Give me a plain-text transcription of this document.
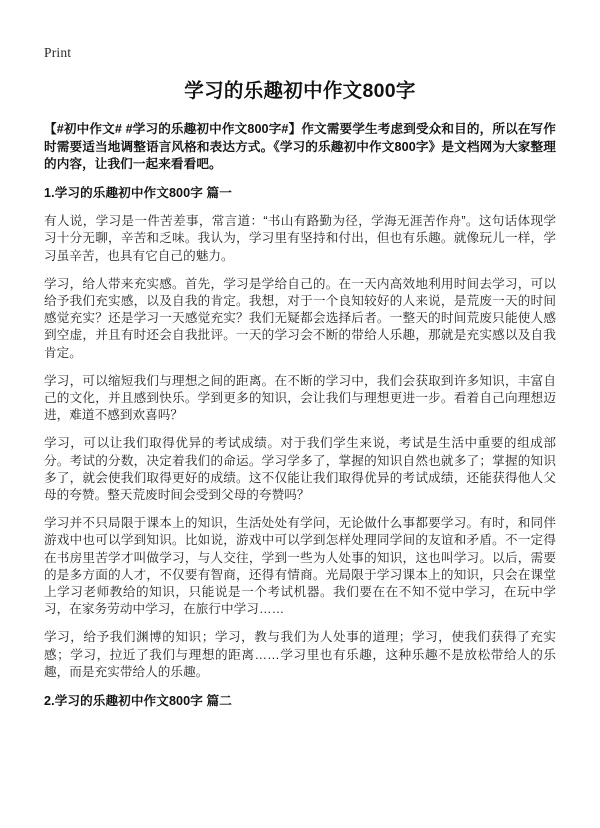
Print
学习的乐趣初中作文800字

【#初中作文# #学习的乐趣初中作文800字#】作文需要学生考虑到受众和目的，所以在写作时需要适当地调整语言风格和表达方式。《学习的乐趣初中作文800字》是文档网为大家整理的内容，让我们一起来看看吧。

1.学习的乐趣初中作文800字 篇一

有人说，学习是一件苦差事，常言道：“书山有路勤为径，学海无涯苦作舟”。这句话体现学习十分无聊，辛苦和乏味。我认为，学习里有坚持和付出，但也有乐趣。就像玩儿一样，学习虽辛苦，也具有它自己的魅力。

学习，给人带来充实感。首先，学习是学给自己的。在一天内高效地利用时间去学习，可以给予我们充实感，以及自我的肯定。我想，对于一个良知较好的人来说，是荒废一天的时间感觉充实？还是学习一天感觉充实？我们无疑都会选择后者。一整天的时间荒废只能使人感到空虚，并且有时还会自我批评。一天的学习会不断的带给人乐趣，那就是充实感以及自我肯定。

学习，可以缩短我们与理想之间的距离。在不断的学习中，我们会获取到许多知识，丰富自己的文化，并且感到快乐。学到更多的知识，会让我们与理想更进一步。看着自己向理想迈进，难道不感到欢喜吗？

学习，可以让我们取得优异的考试成绩。对于我们学生来说，考试是生活中重要的组成部分。考试的分数，决定着我们的命运。学习学多了，掌握的知识自然也就多了；掌握的知识多了，就会使我们取得更好的成绩。这不仅能让我们取得优异的考试成绩，还能获得他人父母的夸赞。整天荒废时间会受到父母的夸赞吗？

学习并不只局限于课本上的知识，生活处处有学问，无论做什么事都要学习。有时，和同伴游戏中也可以学到知识。比如说，游戏中可以学到怎样处理同学间的友谊和矛盾。不一定得在书房里苦学才叫做学习，与人交往，学到一些为人处事的知识，这也叫学习。以后，需要的是多方面的人才，不仅要有智商，还得有情商。光局限于学习课本上的知识，只会在课堂上学习老师教给的知识，只能说是一个考试机器。我们要在在不知不觉中学习，在玩中学习，在家务劳动中学习，在旅行中学习……

学习，给予我们渊博的知识；学习，教与我们为人处事的道理；学习，使我们获得了充实感；学习，拉近了我们与理想的距离……学习里也有乐趣，这种乐趣不是放松带给人的乐趣，而是充实带给人的乐趣。

2.学习的乐趣初中作文800字 篇二
